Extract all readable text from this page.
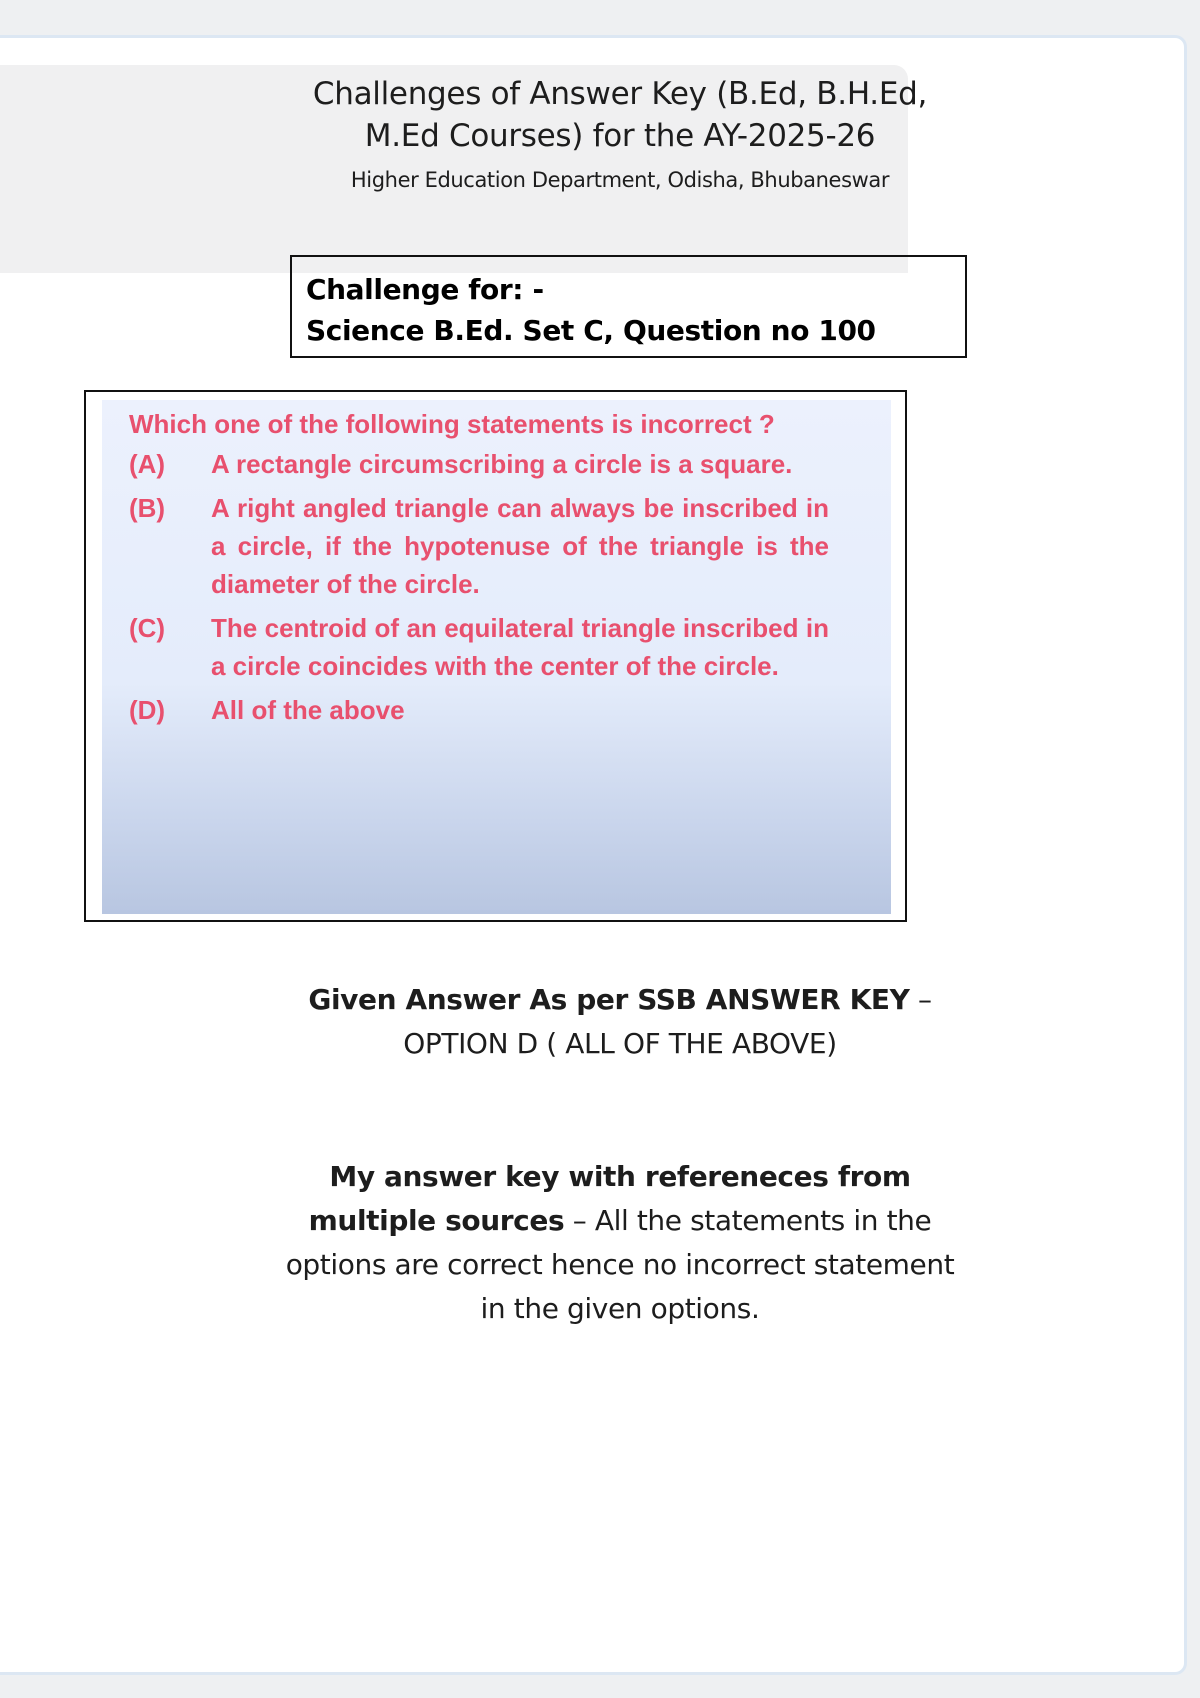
Challenges of Answer Key (B.Ed, B.H.Ed,
M.Ed Courses) for the AY-2025-26
Higher Education Department, Odisha, Bhubaneswar
Challenge for: -
Science B.Ed. Set C, Question no 100
Which one of the following statements is incorrect ?
(A)	A rectangle circumscribing a circle is a square.
(B)	A right angled triangle can always be inscribed in a circle, if the hypotenuse of the triangle is the diameter of the circle.
(C)	The centroid of an equilateral triangle inscribed in a circle coincides with the center of the circle.
(D)	All of the above
Given Answer As per SSB ANSWER KEY –
OPTION D ( ALL OF THE ABOVE)
My answer key with refereneces from multiple sources – All the statements in the options are correct hence no incorrect statement in the given options.
